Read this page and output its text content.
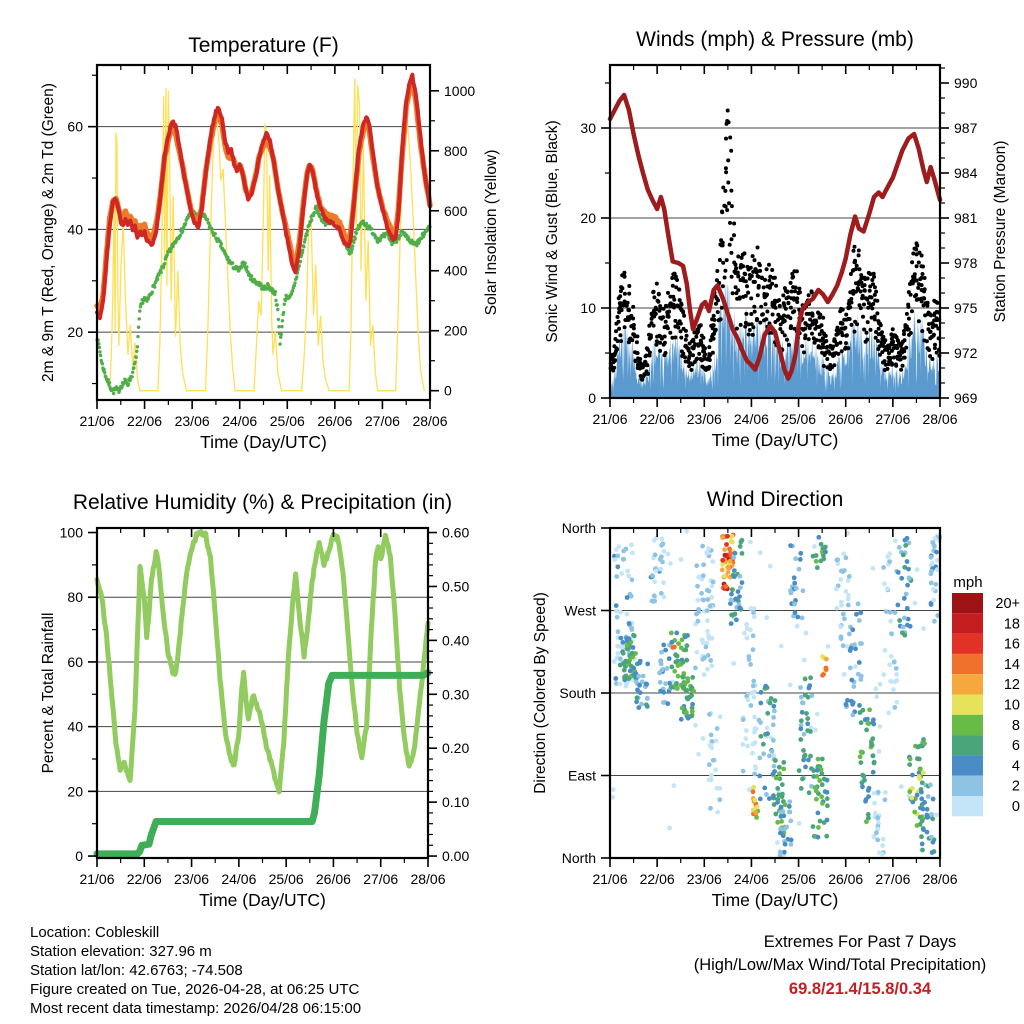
21/06 22/06 23/06 24/06 25/06 26/06 27/06 28/06
20
40
60
0
200
400
600
800
1000
Temperature (F)
Time (Day/UTC)
2m & 9m T (Red, Orange) & 2m Td (Green)	Solar Insolation (Yellow)
21/06 22/06 23/06 24/06 25/06 26/06 27/06 28/06
0
10
20
30
969
972
975
978
981
984
987
990
Winds (mph) & Pressure (mb)
Time (Day/UTC)
Sonic Wind & Gust (Blue, Black)	Station Pressure (Maroon)
21/06 22/06 23/06 24/06 25/06 26/06 27/06 28/06
0
20
40
60
80
100
0.00
0.10
0.20
0.30
0.40
0.50
0.60
Relative Humidity (%) & Precipitation (in)
Time (Day/UTC)
Percent & Total Rainfall
21/06 22/06 23/06 24/06 25/06 26/06 27/06 28/06
Wind Direction
Time (Day/UTC)
Direction (Colored By Speed)
North
West
South
East
North
mph
20+
18
16
14
12
10
8
6
4
2
0
Location: Cobleskill
Station elevation: 327.96 m
Station lat/lon: 42.6763; -74.508
Figure created on Tue, 2026-04-28, at 06:25 UTC
Most recent data timestamp: 2026/04/28 06:15:00
Extremes For Past 7 Days
(High/Low/Max Wind/Total Precipitation)
69.8/21.4/15.8/0.34
